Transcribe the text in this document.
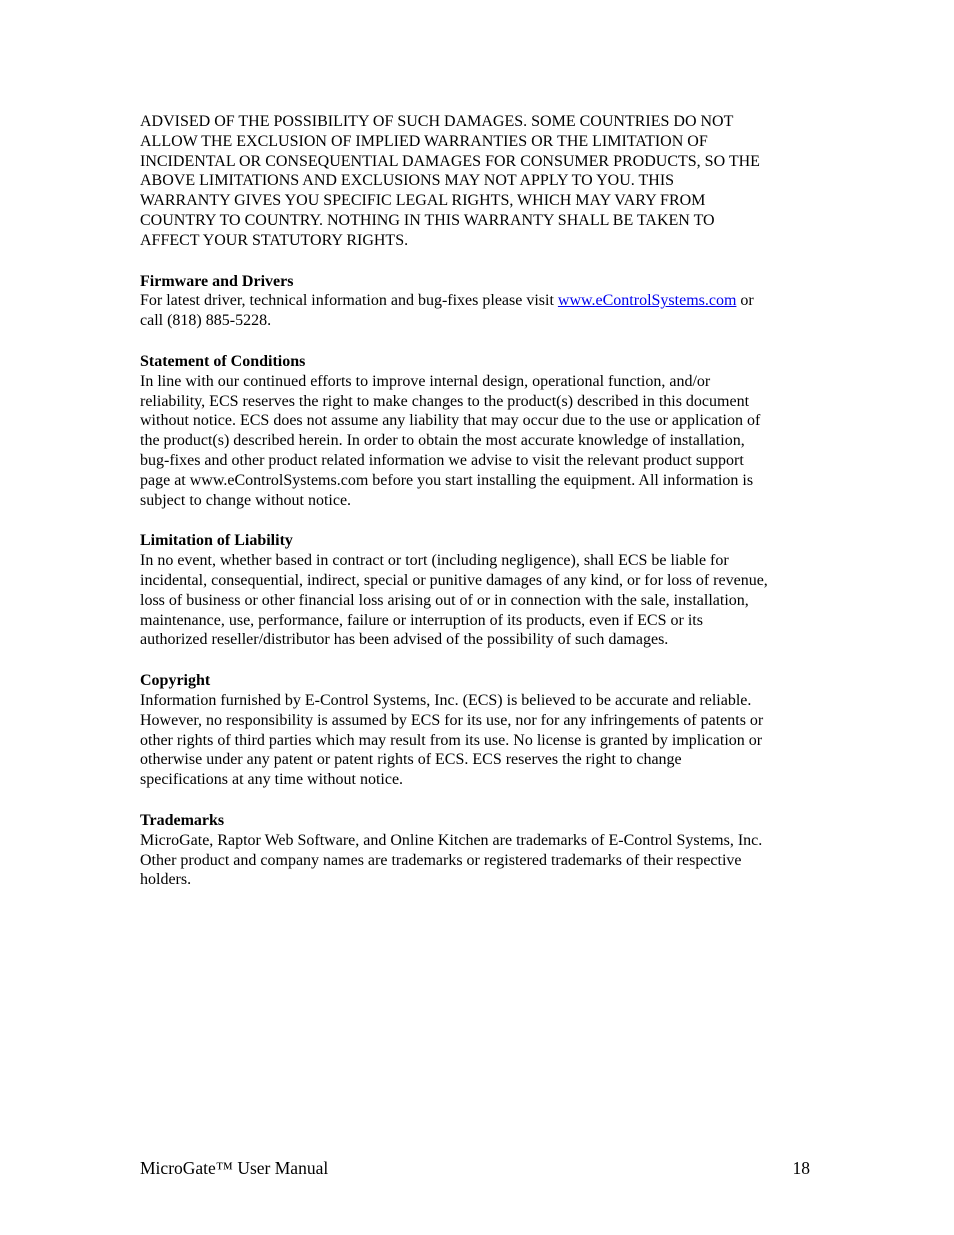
ADVISED OF THE POSSIBILITY OF SUCH DAMAGES. SOME COUNTRIES DO NOT
ALLOW THE EXCLUSION OF IMPLIED WARRANTIES OR THE LIMITATION OF
INCIDENTAL OR CONSEQUENTIAL DAMAGES FOR CONSUMER PRODUCTS, SO THE
ABOVE LIMITATIONS AND EXCLUSIONS MAY NOT APPLY TO YOU. THIS
WARRANTY GIVES YOU SPECIFIC LEGAL RIGHTS, WHICH MAY VARY FROM
COUNTRY TO COUNTRY. NOTHING IN THIS WARRANTY SHALL BE TAKEN TO
AFFECT YOUR STATUTORY RIGHTS.

Firmware and Drivers

For latest driver, technical information and bug-fixes please visit www.eControlSystems.com or
call (818) 885-5228.

Statement of Conditions

In line with our continued efforts to improve internal design, operational function, and/or
reliability, ECS reserves the right to make changes to the product(s) described in this document
without notice. ECS does not assume any liability that may occur due to the use or application of
the product(s) described herein. In order to obtain the most accurate knowledge of installation,
bug-fixes and other product related information we advise to visit the relevant product support
page at www.eControlSystems.com before you start installing the equipment. All information is
subject to change without notice.

Limitation of Liability

In no event, whether based in contract or tort (including negligence), shall ECS be liable for
incidental, consequential, indirect, special or punitive damages of any kind, or for loss of revenue,
loss of business or other financial loss arising out of or in connection with the sale, installation,
maintenance, use, performance, failure or interruption of its products, even if ECS or its
authorized reseller/distributor has been advised of the possibility of such damages.

Copyright

Information furnished by E-Control Systems, Inc. (ECS) is believed to be accurate and reliable.
However, no responsibility is assumed by ECS for its use, nor for any infringements of patents or
other rights of third parties which may result from its use. No license is granted by implication or
otherwise under any patent or patent rights of ECS. ECS reserves the right to change
specifications at any time without notice.

Trademarks

MicroGate, Raptor Web Software, and Online Kitchen are trademarks of E-Control Systems, Inc.
Other product and company names are trademarks or registered trademarks of their respective
holders.

MicroGate™ User Manual	18
